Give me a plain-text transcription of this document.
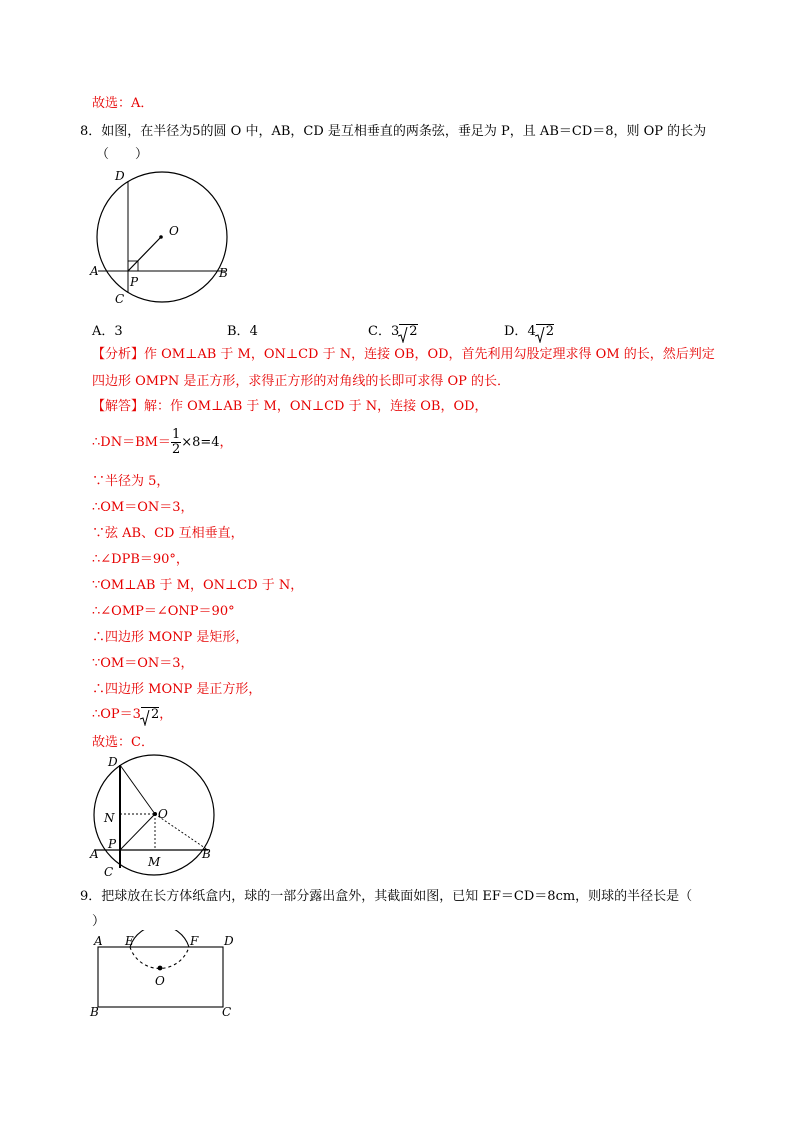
故选：A．
8．如图，在半径为5的圆 O 中，AB，CD 是互相垂直的两条弦，垂足为 P，且 AB＝CD＝8，则 OP 的长为
（　　）
D
O
A	B
P
C
A．3	B．4	C．3 2	D．4 2
【分析】作 OM⊥AB 于 M，ON⊥CD 于 N，连接 OB，OD，首先利用勾股定理求得 OM 的长，然后判定
四边形 OMPN 是正方形，求得正方形的对角线的长即可求得 OP 的长．
【解答】解：作 OM⊥AB 于 M，ON⊥CD 于 N，连接 OB，OD，
∴DN＝BM＝ $\frac{1}{2} \times 8=4$，
∵半径为 5，
∴OM＝ON＝3，
∵弦 AB、CD 互相垂直，
∴∠DPB＝90°，
∵OM⊥AB 于 M，ON⊥CD 于 N，
∴∠OMP＝∠ONP＝90°
∴四边形 MONP 是矩形，
∵OM＝ON＝3，
∴四边形 MONP 是正方形，
∴OP＝3 2，
故选：C．
D
O
N
P
A
M
B
C
9．把球放在长方体纸盒内，球的一部分露出盒外，其截面如图，已知 EF＝CD＝8cm，则球的半径长是（
）
A E	F D
O
B	C
